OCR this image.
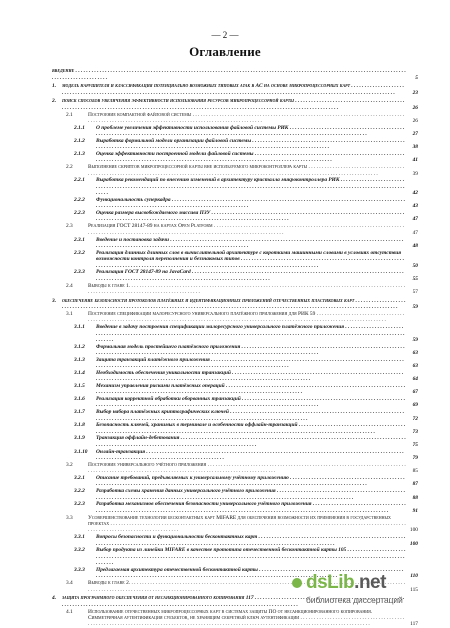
— 2 —
Оглавление
введение . . .
5
1.	модель нарушителя и классификация потенциально возможных типовых атак в АС на основе микропроцессорных карт . . .
23
2.	поиск способов увеличения эффективности использования ресурсов микропроцессорной карты . . .
26
2.1	Построение компактной файловой системы . . .
26
2.1.1	О проблеме увеличения эффективности использования файловой системы РИК . . .
27
2.1.2	Выработка формальной модели организации файловой системы . . .
38
2.1.3	Оценка эффективности построенной модели файловой системы . . .
41
2.2	Выполнение скриптов микропроцессорной карты вне используемого микроконтроллера карты . . .
39
2.2.1	Выработка рекомендаций по внесению изменений в архитектуру кристалла микроконтроллера РИК . . .
42
2.2.2	Функциональность суперкадра . . .
43
2.2.3	Оценка размера высвобождаемого массива ПЗУ . . .
47
2.3	Реализация ГОСТ 28147-89 на картах Open Platform . . .
47
2.3.1	Введение и постановка задачи . . .
48
2.3.2	Реализация длинных длинных слов в вычислительной архитектуре с короткими машинными словами в условиях отсутствия возможности контроля переполнения и беззнаковых типов . . .
50
2.3.3	Реализация ГОСТ 28147-89 на JavaCard . . .
55
2.4	Выводы к главе 1. . . .
57
3.	обеспечение безопасности протоколов платёжных и идентификационных приложений отечественных пластиковых карт . . .
59
3.1	Построение спецификации малоресурсного универсального платёжного приложения для РИК 59 . . .
3.1.1	Введение в задачу построения спецификации малоресурсного универсального платёжного приложения . . .
59
3.1.2	Формальная модель простейшего платёжного приложения . . .
63
3.1.3	Защита транзакций платёжного приложения . . .
63
3.1.4	Необходимость обеспечения уникальности транзакций . . .
64
3.1.5	Механизм управления рисками платёжных операций . . .
67
3.1.6	Реализация корректной обработки оборванных транзакций . . .
69
3.1.7	Выбор набора платёжных криптографических ключей . . .
72
3.1.8	Безопасность ключей, хранимых в терминале и особенности оффлайн-транзакций . . .
73
3.1.9	Транзакция оффлайн-дебетования . . .
75
3.1.10	Онлайн-транзакция . . .
79
3.2	Построение универсального учётного приложения . . .
85
3.2.1	Описание требований, предъявляемых к универсальному учётному приложению . . .
87
3.2.2	Разработка схемы хранения данных универсального учётного приложения . . .
88
3.2.3	Разработка механизмов обеспечения безопасности универсального учётного приложения . . .
91
3.3	Усовершенствование технологии бесконтактных карт MIFARE для обеспечения возможности их применения в государственных проектах . . .
100
3.3.1	Вопросы безопасности и функциональности бесконтактных карт . . .
100
3.3.2	Выбор продукта из линейки MIFARE в качестве прототипа отечественной бесконтактной карты 105 . . .
3.3.3	Предлагаемая архитектура отечественной бесконтактной карты . . .
110
3.4	Выводы к главе 2. . . .
115
4.	защита программного обеспечения от несанкционированного копирования 117 . . .
4.1	Использование отечественных микропроцессорных карт в системах защиты ПО от несанкционированного копирования. Симметричная аутентификация субъектов, не хранящим секретный ключ аутентификации . . .
117
dsLib.net
библиотека диссертаций
